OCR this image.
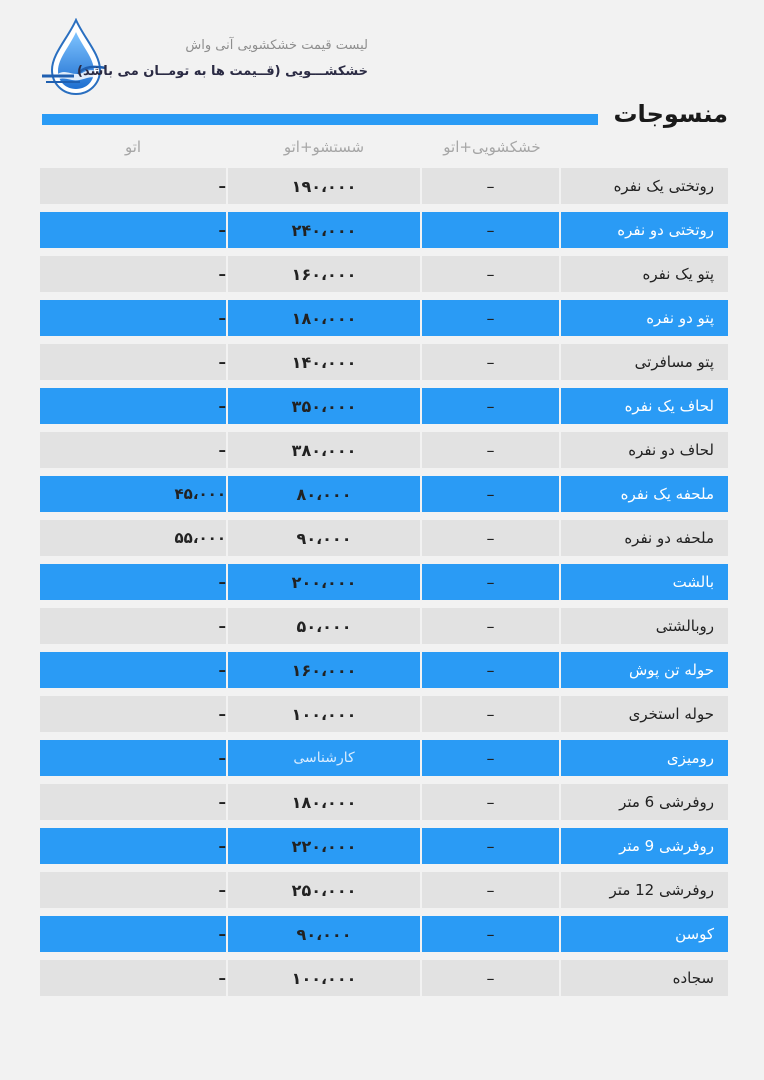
لیست قیمت خشکشویی آنی واش
خشکشـــویی (قــیمت ها به تومــان می باشد)
منسوجات
خشکشویی+اتو
شستشو+اتو
اتو
روتختی یک نفره
–
۱۹۰،۰۰۰
–
روتختی دو نفره
–
۲۴۰،۰۰۰
–
پتو یک نفره
–
۱۶۰،۰۰۰
–
پتو دو نفره
–
۱۸۰،۰۰۰
–
پتو مسافرتی
–
۱۴۰،۰۰۰
–
لحاف یک نفره
–
۳۵۰،۰۰۰
–
لحاف دو نفره
–
۳۸۰،۰۰۰
–
ملحفه یک نفره
–
۸۰،۰۰۰
۴۵،۰۰۰
ملحفه دو نفره
–
۹۰،۰۰۰
۵۵،۰۰۰
بالشت
–
۲۰۰،۰۰۰
–
روبالشتی
–
۵۰،۰۰۰
–
حوله تن پوش
–
۱۶۰،۰۰۰
–
حوله استخری
–
۱۰۰،۰۰۰
–
رومیزی
–
کارشناسی
–
روفرشی 6 متر
–
۱۸۰،۰۰۰
–
روفرشی 9 متر
–
۲۲۰،۰۰۰
–
روفرشی 12 متر
–
۲۵۰،۰۰۰
–
کوسن
–
۹۰،۰۰۰
–
سجاده
–
۱۰۰،۰۰۰
–
